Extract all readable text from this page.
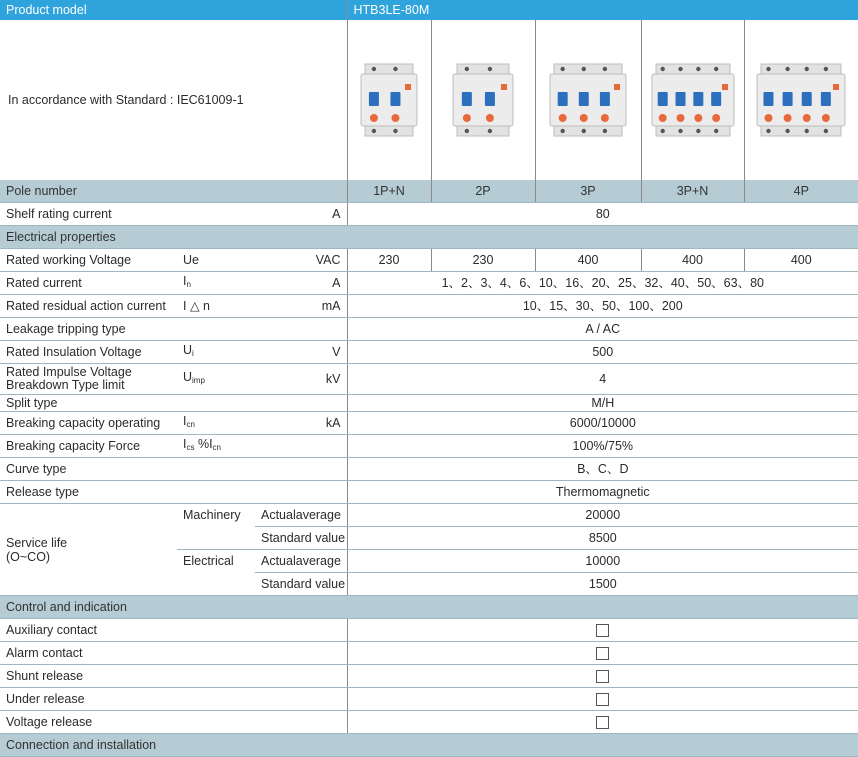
Product model			HTB3LE-80M				
In accordance with Standard : IEC61009-1	

Pole number			1P+N	2P	3P	3P+N	4P
Shelf rating current		A	80				
Electrical properties							
Rated working Voltage	Ue	VAC	230	230	400	400	400
Rated current	$I_n$	A	1、2、3、4、6、10、16、20、25、32、40、50、63、80				
Rated residual action current	I △ n	mA	10、15、30、50、100、200				
Leakage tripping type			A / AC				
Rated Insulation Voltage	$U_i$	V	500				
Rated Impulse Voltage
Breakdown Type limit	$U_{imp}$	kV	4				
Split type			M/H				
Breaking capacity operating	$I_{cn}$	kA	6000/10000				
Breaking capacity Force	$I_{cs}$ $\%I_{cn}$		100%/75%				
Curve type			B、C、D				
Release type			Thermomagnetic				
Service life
(O~CO)	Machinery	Actualaverage	20000				
		Standard value	8500				
	Electrical	Actualaverage	10000				
		Standard value	1500				
Control and indication							
Auxiliary contact							
Alarm contact							
Shunt release							
Under release							
Voltage release							
Connection and installation							
